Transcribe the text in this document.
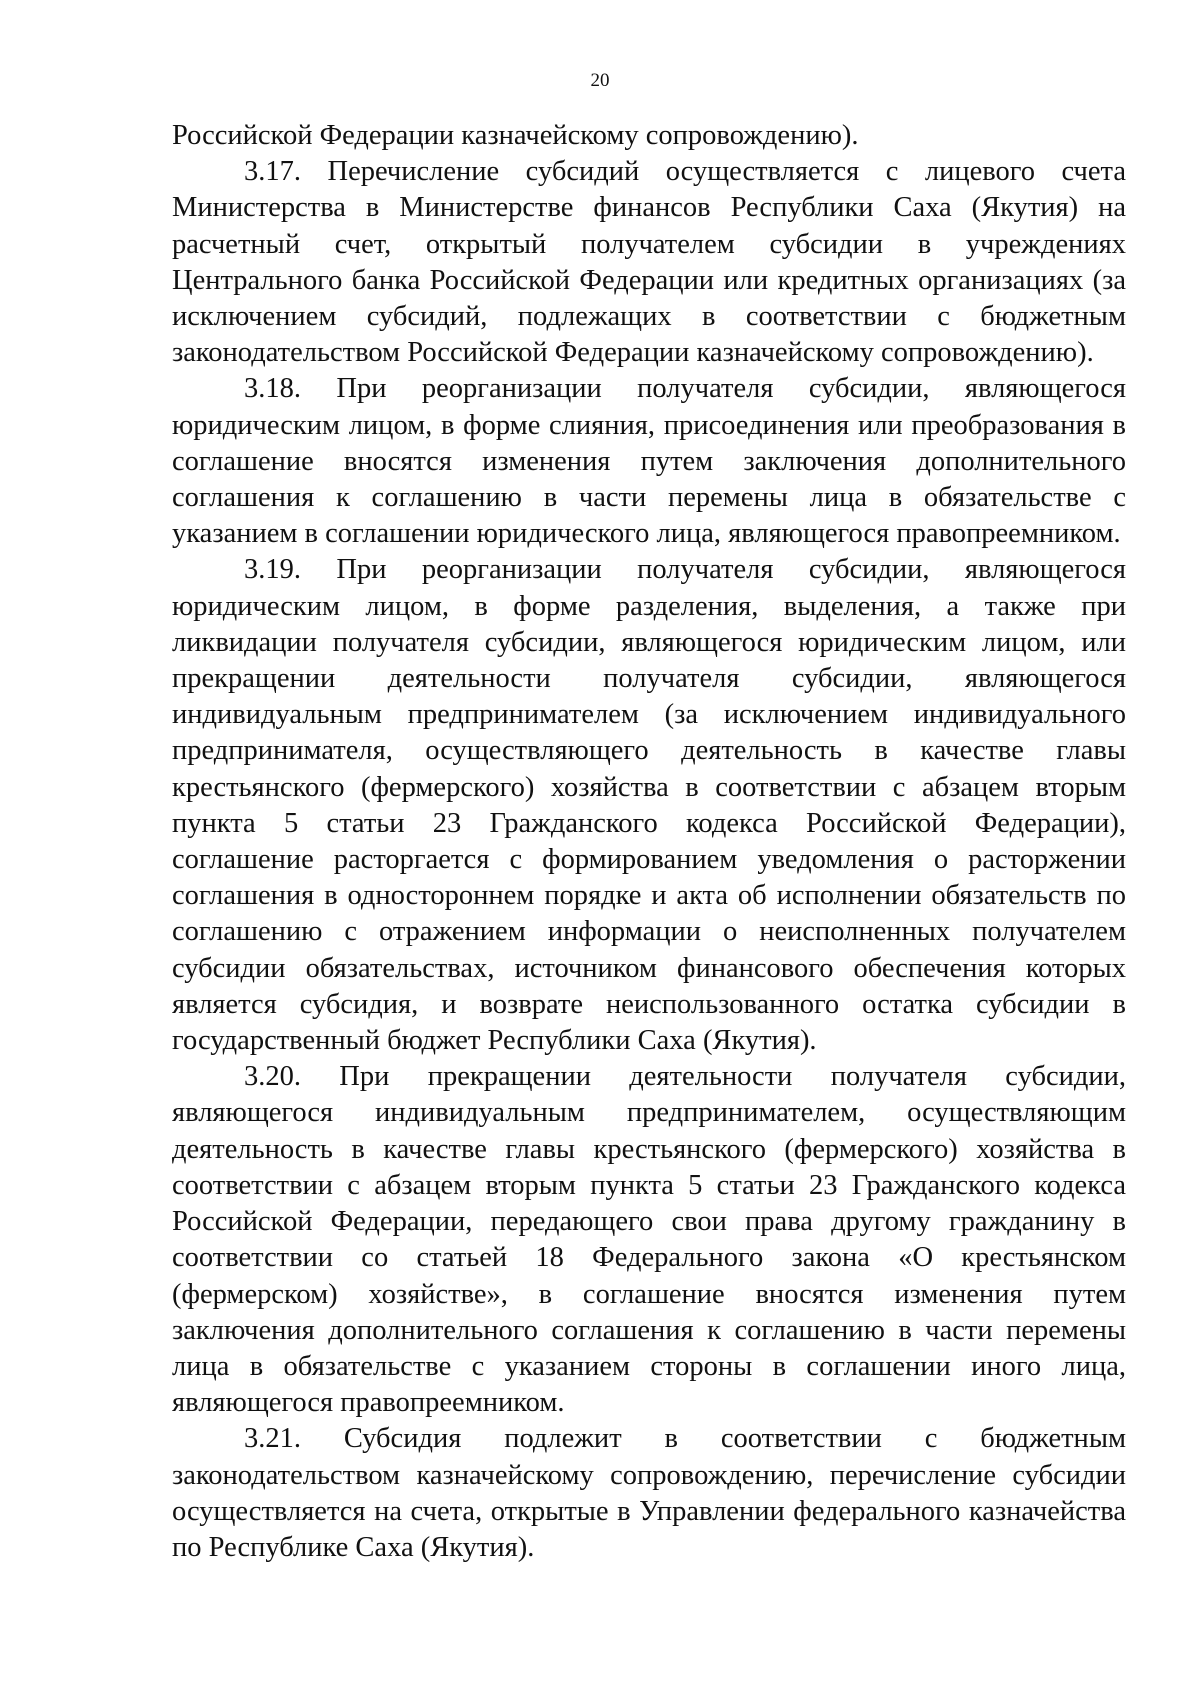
20

Российской Федерации казначейскому сопровождению).

3.17. Перечисление субсидий осуществляется с лицевого счета Министерства в Министерстве финансов Республики Саха (Якутия) на расчетный счет, открытый получателем субсидии в учреждениях Центрального банка Российской Федерации или кредитных организациях (за исключением субсидий, подлежащих в соответствии с бюджетным законодательством Российской Федерации казначейскому сопровождению).

3.18. При реорганизации получателя субсидии, являющегося юридическим лицом, в форме слияния, присоединения или преобразования в соглашение вносятся изменения путем заключения дополнительного соглашения к соглашению в части перемены лица в обязательстве с указанием в соглашении юридического лица, являющегося правопреемником.

3.19. При реорганизации получателя субсидии, являющегося юридическим лицом, в форме разделения, выделения, а также при ликвидации получателя субсидии, являющегося юридическим лицом, или прекращении деятельности получателя субсидии, являющегося индивидуальным предпринимателем (за исключением индивидуального предпринимателя, осуществляющего деятельность в качестве главы крестьянского (фермерского) хозяйства в соответствии с абзацем вторым пункта 5 статьи 23 Гражданского кодекса Российской Федерации), соглашение расторгается с формированием уведомления о расторжении соглашения в одностороннем порядке и акта об исполнении обязательств по соглашению с отражением информации о неисполненных получателем субсидии обязательствах, источником финансового обеспечения которых является субсидия, и возврате неиспользованного остатка субсидии в государственный бюджет Республики Саха (Якутия).

3.20. При прекращении деятельности получателя субсидии, являющегося индивидуальным предпринимателем, осуществляющим деятельность в качестве главы крестьянского (фермерского) хозяйства в соответствии с абзацем вторым пункта 5 статьи 23 Гражданского кодекса Российской Федерации, передающего свои права другому гражданину в соответствии со статьей 18 Федерального закона «О крестьянском (фермерском) хозяйстве», в соглашение вносятся изменения путем заключения дополнительного соглашения к соглашению в части перемены лица в обязательстве с указанием стороны в соглашении иного лица, являющегося правопреемником.

3.21. Субсидия подлежит в соответствии с бюджетным законодательством казначейскому сопровождению, перечисление субсидии осуществляется на счета, открытые в Управлении федерального казначейства по Республике Саха (Якутия).
